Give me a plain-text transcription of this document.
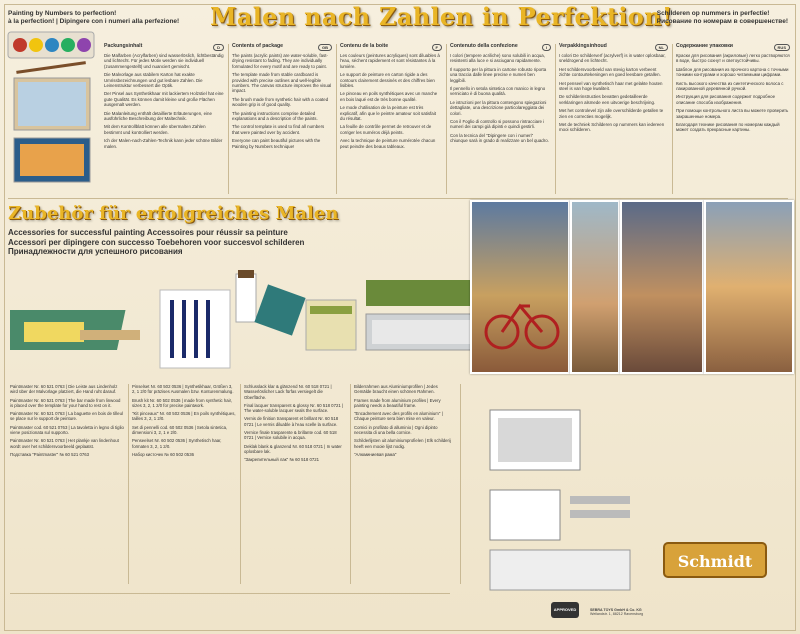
Painting by Numbers to perfection!
à la perfection! | Dipingere con i numeri alla perfezione! Malen nach Zahlen in Perfektion!
Schilderen op nummers in perfectie!
Рисование по номерам в совершенстве!
Packungsinhalt	D

Die Malfarben (Acrylfarben) sind wasserlöslich, lichtbeständig und lichtecht. Für jedes Motiv werden sie individuell (zusammengestellt) und nuanciert gemischt.

Die Malvorlage aus stabilem Karton hat exakte Umrissbezeichnungen und gut lesbare Zahlen. Die Leinenstruktur verbessert die Optik.

Der Pinsel aus Synthetikhaar mit lackiertem Holzstiel hat eine gute Qualität. Es können damit kleine und große Flächen ausgemalt werden.

Die Malanleitung enthält detaillierte Erläuterungen, eine ausführliche Beschreibung der Maltechnik.

Mit dem Kontrollblatt können alle übermalten Zahlen bestimmt und kontrolliert werden.

Ich der Malen-nach-Zahlen-Technik kann jeder schöne Bilder malen.

Contents of package	GB

The paints (acrylic paints) are water-soluble, fast-drying resistant to fading. They are individually formulated for every motif and are ready to paint.

The template made from stable cardboard is provided with precise outlines and well-legible numbers. The canvas structure improves the visual impact.

The brush made from synthetic hair with a coated wooden grip is of good quality.

The painting instructions comprise detailed explanations and a description of the paints.

The control template is used to find all numbers that were painted over by accident.

Everyone can paint beautiful pictures with the Painting by Numbers technique!

Contenu de la boite	F

Les couleurs (peintures acryliques) sont diluables à l'eau, séchent rapidement et sont résistantes à la lumière.

Le support de peinture en carton rigide a des contours clairement dessinés et des chiffres bien lisibles.

Le pinceau en poils synthétiques avec un manche en bois laqué est de très bonne qualité.

Le mode d'utilisation de la peinture est très explicatif, afin que le peintre amateur soit satisfait du résultat.

La feuille de contrôle permet de retrouver et de corriger les numéros déjà peints.

Avec la technique de peinture numérotée chacun peut peindre des beaux tableaux.

Contenuto della confezione	I

I colori (tempere acriliche) sono solubili in acqua, resistenti alla luce e si asciugano rapidamente.

Il supporto per la pittura in cartone robusto riporta una traccia dalle linee precise e numeri ben leggibili.

Il pennello in setola sintetica con manico in legno verniciato è di buona qualità.

Le istruzioni per la pittura contengono spiegazioni dettagliate, una descrizione particolareggiata dei colori.

Con il Foglio di controllo si possono rintracciare i numeri dei campi già dipinti e quindi gestirli.

Con la tecnica del "Dipingere con i numeri" chiunque sarà in grado di realizzare un bel quadro.

Verpakkingsinhoud	NL

I colori De schilderverf (acrylverf) is in water oplosbaar, sneldrogend en lichtecht.

Het schildersvoorbeeld van stevig karton verbeent zichte contourtekeningen en goed leesbare getallen.

Het penseel van synthetisch haar met gelakte houten steel is van hoge kwaliteit.

De schilderinstructies bevatten gedetailleerde verklaringen alsmede een uitvoerige beschrijving.

Met het controlevel zijn alle overschilderde getallen te zien en correcties mogelijk.

Met de techniek Schilderen op nummers kan iedereen mooi schilderen.

Содержание упаковки	RUS

Краски для рисования (акриловые) легко растворяются в воде, быстро сохнут и светоустойчивы.

Шаблон для рисования из прочного картона с точными тонкими контурами и хорошо читаемыми цифрами.

Кисть высокого качества из синтетического волоса с лакированной деревянной ручкой.

Инструкция для рисования содержит подробное описание способа изображения.

При помощи контрольного листа вы можете проверить закрашенные номера.

Благодаря технике рисования по номерам каждый может создать прекрасные картины.

Zubehör für erfolgreiches Malen
Accessories for successful painting Accessoires pour réussir sa peinture
Accessori per dipingere con successo Toebehoren voor succesvol schilderen
Принадлежности для успешного рисования

Paintmaster Nr. 60 521 0763 | Die Leiste aus Lindenholz wird über der Malvorlage platziert, die Hand ruht darauf.

Paintmaster Nr. 60 521 0763 | The bar made from linwood is placed over the template for your hand to rest on it.

Paintmaster Nr. 60 521 0763 | La baguette en bois de tilleul se place sur le support de peinture.

Paintmaster cod. 60 521 0763 | La tavoletta in legno di tiglio viene posizionata sul supporto.

Paintmaster Nr. 60 521 0763 | Het plankje van lindenhout wordt over het schildersvoorbeeld geplaatst.

Подставка "Paintmaster" № 60 521 0763

Pinselset Nr. 60 502 0536 | Synthetikhaar, Größen 3, 2, 1 2/0 für präzises Ausmalen bzw. Konturenmalung.

Brush kit Nr. 60 502 0536 | made from synthetic hair, sizes 3, 2, 1 2/0 for precise paintwork.

"Kit pinceaux" Nr. 60 502 0536 | En poils synthétiques, tailles 3, 2, 1 2/0.

Set di pennelli cod. 60 502 0536 | Setola sintetica, dimensioni 3, 2, 1 e 2/0.

Penseelset Nr. 60 502 0536 | Synthetisch haar, formaten 3, 2, 1 2/0.

Набор кисточек № 60 502 0536

Schlusslack klar & glänzend Nr. 60 518 0721 | Wasserlöslicher Lack fürfas versiegelt die Oberfläche.

Final lacquer transparent & glossy Nr. 60 518 0721 | The water-soluble lacquer seals the surface.

Vernis de finition transparent et brillant Nr. 60 518 0721 | Le vernis diluable à l'eau scelle la surface.

Vernice finale trasparente & brillante cod. 60 518 0721 | Vernice solubile in acqua.

Deklak blank & glanzend Nr. 60 518 0721 | In water oplosbare lak.

"Закрепительный лак" № 60 518 0721

Bilderrahmen aus Aluminiumprofilen | Jedes Gemälde braucht einen schönen Rahmen.

Frames made from aluminium profiles | Every painting needs a beautiful frame.

"Encadrement avec des profils en aluminium" | Chaque peinture sera bien mise en valeur.

Cornici in profilato di alluminio | Ogni dipinto necessita di una bella cornice.

Schilderlijsten uit aluminiumprofielen | Elk schilderij heeft een mooie lijst nodig.

"Алюминиевая рама"

Schmidt
APPROVED	SEBRA TOYS GmbH & Co. KG
Weilandstr. 1, 88212 Ravensburg
